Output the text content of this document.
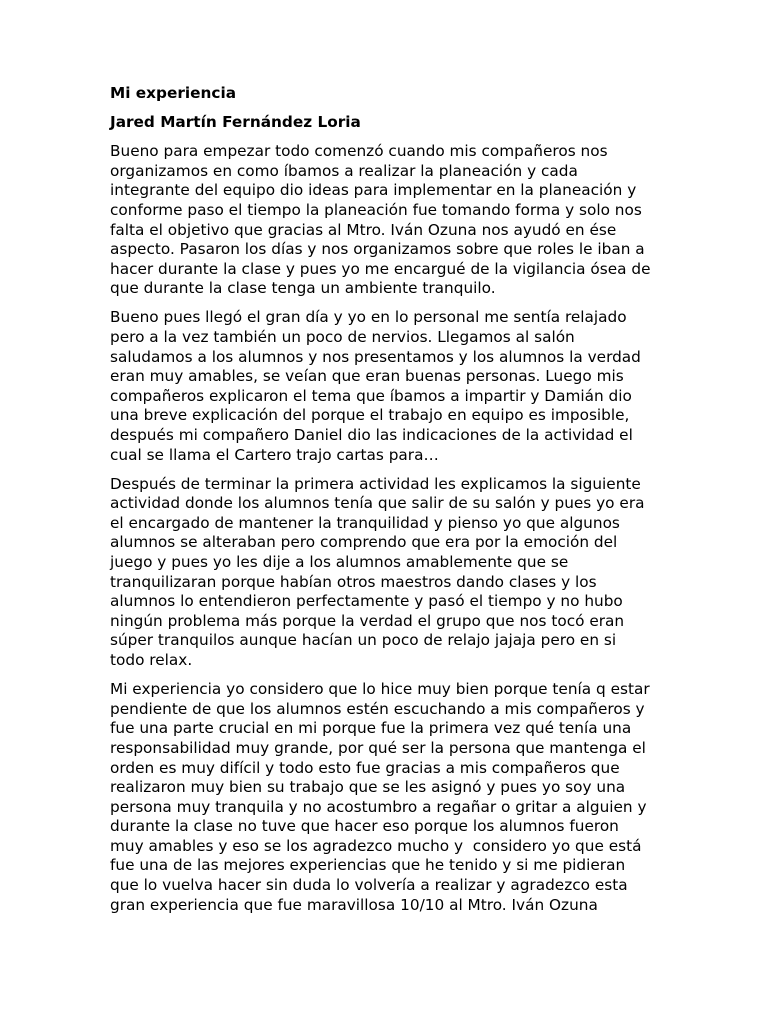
Mi experiencia
Jared Martín Fernández Loria
Bueno para empezar todo comenzó cuando mis compañeros nos
organizamos en como íbamos a realizar la planeación y cada
integrante del equipo dio ideas para implementar en la planeación y
conforme paso el tiempo la planeación fue tomando forma y solo nos
falta el objetivo que gracias al Mtro. Iván Ozuna nos ayudó en ése
aspecto. Pasaron los días y nos organizamos sobre que roles le iban a
hacer durante la clase y pues yo me encargué de la vigilancia ósea de
que durante la clase tenga un ambiente tranquilo.
Bueno pues llegó el gran día y yo en lo personal me sentía relajado
pero a la vez también un poco de nervios. Llegamos al salón
saludamos a los alumnos y nos presentamos y los alumnos la verdad
eran muy amables, se veían que eran buenas personas. Luego mis
compañeros explicaron el tema que íbamos a impartir y Damián dio
una breve explicación del porque el trabajo en equipo es imposible,
después mi compañero Daniel dio las indicaciones de la actividad el
cual se llama el Cartero trajo cartas para…
Después de terminar la primera actividad les explicamos la siguiente
actividad donde los alumnos tenía que salir de su salón y pues yo era
el encargado de mantener la tranquilidad y pienso yo que algunos
alumnos se alteraban pero comprendo que era por la emoción del
juego y pues yo les dije a los alumnos amablemente que se
tranquilizaran porque habían otros maestros dando clases y los
alumnos lo entendieron perfectamente y pasó el tiempo y no hubo
ningún problema más porque la verdad el grupo que nos tocó eran
súper tranquilos aunque hacían un poco de relajo jajaja pero en si
todo relax.
Mi experiencia yo considero que lo hice muy bien porque tenía q estar
pendiente de que los alumnos estén escuchando a mis compañeros y
fue una parte crucial en mi porque fue la primera vez qué tenía una
responsabilidad muy grande, por qué ser la persona que mantenga el
orden es muy difícil y todo esto fue gracias a mis compañeros que
realizaron muy bien su trabajo que se les asignó y pues yo soy una
persona muy tranquila y no acostumbro a regañar o gritar a alguien y
durante la clase no tuve que hacer eso porque los alumnos fueron
muy amables y eso se los agradezco mucho y  considero yo que está
fue una de las mejores experiencias que he tenido y si me pidieran
que lo vuelva hacer sin duda lo volvería a realizar y agradezco esta
gran experiencia que fue maravillosa 10/10 al Mtro. Iván Ozuna
